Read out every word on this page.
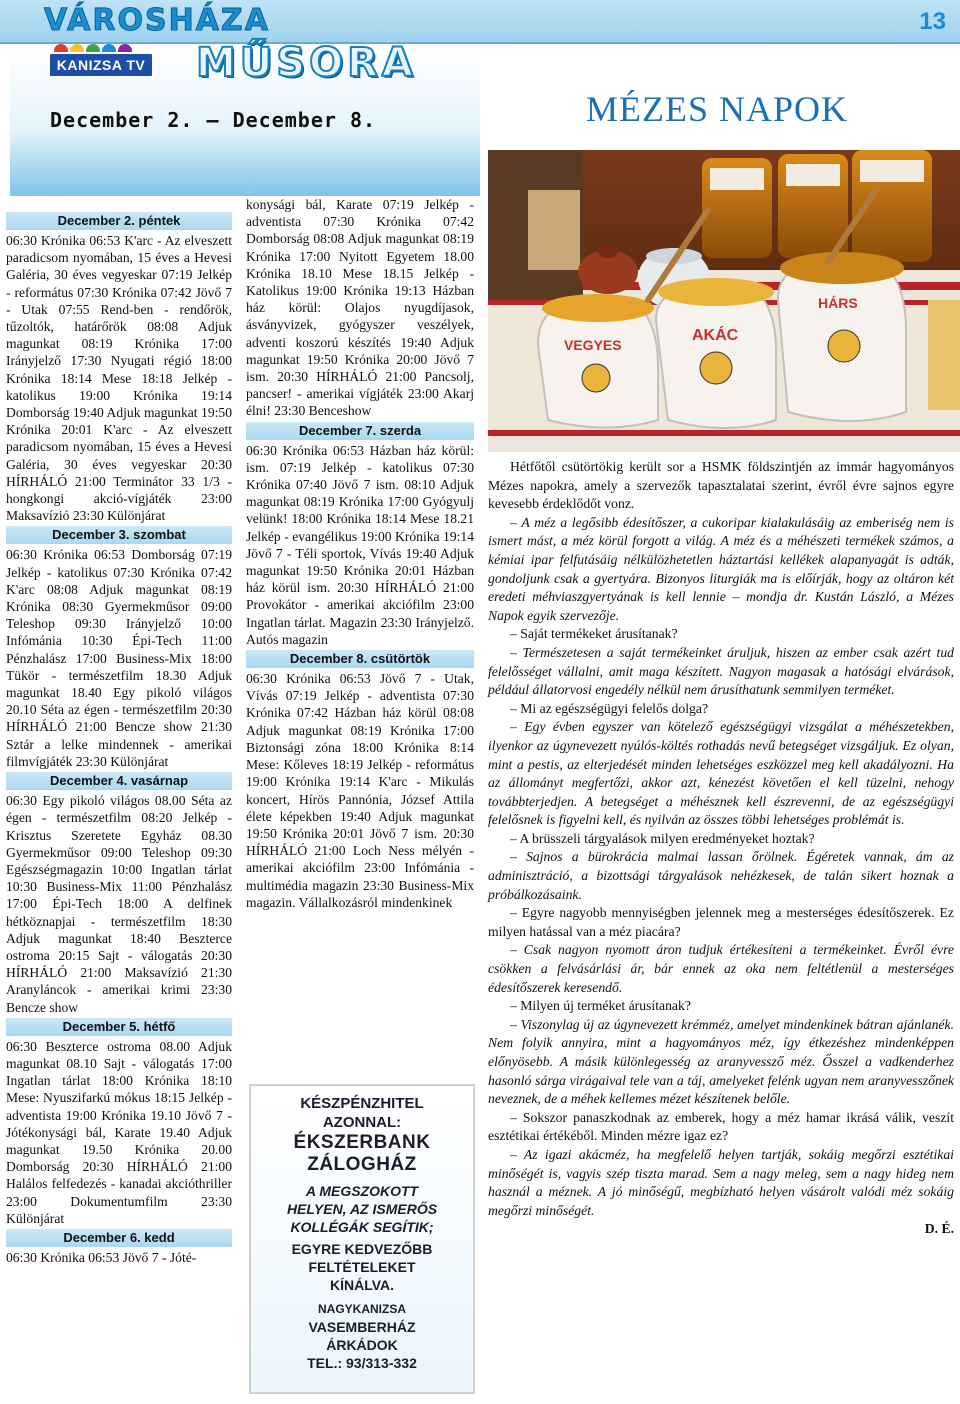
VÁROSHÁZA	13
KANIZSA TV MŰSORA
December 2. — December 8.
December 2. péntek

06:30 Krónika 06:53 K'arc - Az elveszett paradicsom nyomában, 15 éves a Hevesi Galéria, 30 éves vegyeskar 07:19 Jelkép - református 07:30 Krónika 07:42 Jövő 7 - Utak 07:55 Rend-ben - rendőrök, tűzoltók, határőrök 08:08 Adjuk magunkat 08:19 Krónika 17:00 Irányjelző 17:30 Nyugati régió 18:00 Krónika 18:14 Mese 18:18 Jelkép - katolikus 19:00 Krónika 19:14 Domborság 19:40 Adjuk magunkat 19:50 Krónika 20:01 K'arc - Az elveszett paradicsom nyomában, 15 éves a Hevesi Galéria, 30 éves vegyeskar 20:30 HÍRHÁLÓ 21:00 Terminátor 33 1/3 - hongkongi akció-vígjáték 23:00 Maksavízió 23:30 Különjárat

December 3. szombat

06:30 Krónika 06:53 Domborság 07:19 Jelkép - katolikus 07:30 Krónika 07:42 K'arc 08:08 Adjuk magunkat 08:19 Krónika 08:30 Gyermekműsor 09:00 Teleshop 09:30 Irányjelző 10:00 Infómánia 10:30 Épi-Tech 11:00 Pénzhalász 17:00 Business-Mix 18:00 Tükör - természetfilm 18.30 Adjuk magunkat 18.40 Egy pikoló világos 20.10 Séta az égen - természetfilm 20:30 HÍRHÁLÓ 21:00 Bencze show 21:30 Sztár a lelke mindennek - amerikai filmvígjáték 23:30 Különjárat

December 4. vasárnap

06:30 Egy pikoló világos 08.00 Séta az égen - természetfilm 08:20 Jelkép - Krisztus Szeretete Egyház 08.30 Gyermekműsor 09:00 Teleshop 09:30 Egészségmagazin 10:00 Ingatlan tárlat 10:30 Business-Mix 11:00 Pénzhalász 17:00 Épi-Tech 18:00 A delfinek hétköznapjai - természetfilm 18:30 Adjuk magunkat 18:40 Beszterce ostroma 20:15 Sajt - válogatás 20:30 HÍRHÁLÓ 21:00 Maksavízió 21:30 Aranyláncok - amerikai krimi 23:30 Bencze show

December 5. hétfő

06:30 Beszterce ostroma 08.00 Adjuk magunkat 08.10 Sajt - válogatás 17:00 Ingatlan tárlat 18:00 Krónika 18:10 Mese: Nyuszifarkú mókus 18:15 Jelkép - adventista 19:00 Krónika 19.10 Jövő 7 - Jótékonysági bál, Karate 19.40 Adjuk magunkat 19.50 Krónika 20.00 Domborság 20:30 HÍRHÁLÓ 21:00 Halálos felfedezés - kanadai akcióthriller 23:00 Dokumentumfilm 23:30 Különjárat

December 6. kedd

06:30 Krónika 06:53 Jövő 7 - Jóté-

konysági bál, Karate 07:19 Jelkép - adventista 07:30 Krónika 07:42 Domborság 08:08 Adjuk magunkat 08:19 Krónika 17:00 Nyitott Egyetem 18.00 Krónika 18.10 Mese 18.15 Jelkép - Katolikus 19:00 Krónika 19:13 Házban ház körül: Olajos nyugdíjasok, ásványvizek, gyógyszer veszélyek, adventi koszorú készítés 19:40 Adjuk magunkat 19:50 Krónika 20:00 Jövő 7 ism. 20:30 HÍRHÁLÓ 21:00 Pancsolj, pancser! - amerikai vígjáték 23:00 Akarj élni! 23:30 Benceshow

December 7. szerda

06:30 Krónika 06:53 Házban ház körül: ism. 07:19 Jelkép - katolikus 07:30 Krónika 07:40 Jövő 7 ism. 08:10 Adjuk magunkat 08:19 Krónika 17:00 Gyógyulj velünk! 18:00 Krónika 18:14 Mese 18.21 Jelkép - evangélikus 19:00 Krónika 19:14 Jövő 7 - Téli sportok, Vívás 19:40 Adjuk magunkat 19:50 Krónika 20:01 Házban ház körül ism. 20:30 HÍRHÁLÓ 21:00 Provokátor - amerikai akciófilm 23:00 Ingatlan tárlat. Magazin 23:30 Irányjelző. Autós magazin

December 8. csütörtök

06:30 Krónika 06:53 Jövő 7 - Utak, Vívás 07:19 Jelkép - adventista 07:30 Krónika 07:42 Házban ház körül 08:08 Adjuk magunkat 08:19 Krónika 17:00 Biztonsági zóna 18:00 Krónika 8:14 Mese: Kőleves 18:19 Jelkép - református 19:00 Krónika 19:14 K'arc - Mikulás koncert, Hírös Pannónia, József Attila élete képekben 19:40 Adjuk magunkat 19:50 Krónika 20:01 Jövő 7 ism. 20:30 HÍRHÁLÓ 21:00 Loch Ness mélyén - amerikai akciófilm 23:00 Infómánia - multimédia magazin 23:30 Business-Mix magazin. Vállalkozásról mindenkinek

KÉSZPÉNZHITEL
AZONNAL:
ÉKSZERBANK
ZÁLOGHÁZ
A MEGSZOKOTT
HELYEN, AZ ISMERŐS
KOLLÉGÁK SEGÍTIK;
EGYRE KEDVEZŐBB
FELTÉTELEKET
KÍNÁLVA.
NAGYKANIZSA
VASEMBERHÁZ
ÁRKÁDOK
TEL.: 93/313-332
MÉZES NAPOK
VEGYES
AKÁC
HÁRS

Hétfőtől csütörtökig került sor a HSMK földszintjén az immár hagyományos Mézes napokra, amely a szervezők tapasztalatai szerint, évről évre sajnos egyre kevesebb érdeklődőt vonz.

– A méz a legősibb édesítőszer, a cukoripar kialakulásáig az emberiség nem is ismert mást, a méz körül forgott a világ. A méz és a méhészeti termékek számos, a kémiai ipar felfutásáig nélkülözhetetlen háztartási kellékek alapanyagát is adták, gondoljunk csak a gyertyára. Bizonyos liturgiák ma is előírják, hogy az oltáron két eredeti méhviaszgyertyának is kell lennie – mondja dr. Kustán László, a Mézes Napok egyik szervezője.

– Saját termékeket árusítanak?

– Természetesen a saját termékeinket áruljuk, hiszen az ember csak azért tud felelősséget vállalni, amit maga készített. Nagyon magasak a hatósági elvárások, például állatorvosi engedély nélkül nem árusíthatunk semmilyen terméket.

– Mi az egészségügyi felelős dolga?

– Egy évben egyszer van kötelező egészségügyi vizsgálat a méhészetekben, ilyenkor az úgynevezett nyúlós-költés rothadás nevű betegséget vizsgáljuk. Ez olyan, mint a pestis, az elterjedését minden lehetséges eszközzel meg kell akadályozni. Ha az állományt megfertőzi, akkor azt, kénezést követően el kell tüzelni, nehogy továbbterjedjen. A betegséget a méhésznek kell észrevenni, de az egészségügyi felelősnek is figyelni kell, és nyilván az összes többi lehetséges problémát is.

– A brüsszeli tárgyalások milyen eredményeket hoztak?

– Sajnos a bürokrácia malmai lassan őrölnek. Égéretek vannak, ám az adminisztráció, a bizottsági tárgyalások nehézkesek, de talán sikert hoznak a próbálkozásaink.

– Egyre nagyobb mennyiségben jelennek meg a mesterséges édesítőszerek. Ez milyen hatással van a méz piacára?

– Csak nagyon nyomott áron tudjuk értékesíteni a termékeinket. Évről évre csökken a felvásárlási ár, bár ennek az oka nem feltétlenül a mesterséges édesítőszerek keresendő.

– Milyen új terméket árusítanak?

– Viszonylag új az úgynevezett krémméz, amelyet mindenkinek bátran ajánlanék. Nem folyik annyira, mint a hagyományos méz, így étkezéshez mindenképpen előnyösebb. A másik különlegesség az aranyvessző méz. Ősszel a vadkenderhez hasonló sárga virágaival tele van a táj, amelyeket felénk ugyan nem aranyvesszőnek neveznek, de a méhek kellemes mézet készítenek belőle.

– Sokszor panaszkodnak az emberek, hogy a méz hamar ikrásá válik, veszít esztétikai értékéből. Minden mézre igaz ez?

– Az igazi akácméz, ha megfelelő helyen tartják, sokáig megőrzi esztétikai minőségét is, vagyis szép tiszta marad. Sem a nagy meleg, sem a nagy hideg nem használ a méznek. A jó minőségű, megbízható helyen vásárolt valódi méz sokáig megőrzi minőségét.

D. É.
